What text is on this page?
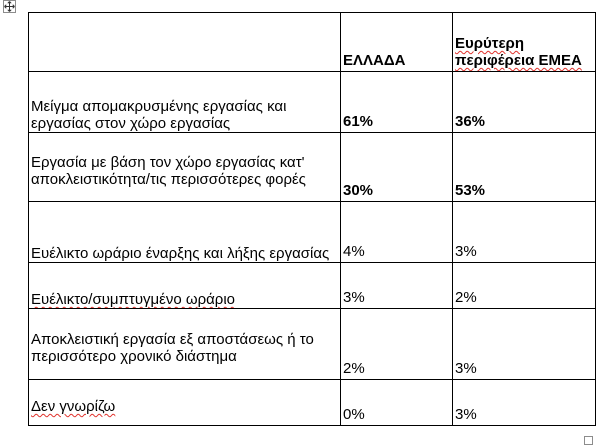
	ΕΛΛΑΔΑ	Ευρύτερη περιφέρεια ΕΜΕΑ

Μείγμα απομακρυσμένης εργασίας και εργασίας στον χώρο εργασίας	61%	36%

Εργασία με βάση τον χώρο εργασίας κατ' αποκλειστικότητα/τις περισσότερες φορές	30%	53%

Ευέλικτο ωράριο έναρξης και λήξης εργασίας	4%	3%

Ευέλικτο/συμπτυγμένο ωράριο	3%	2%

Αποκλειστική εργασία εξ αποστάσεως ή το περισσότερο χρονικό διάστημα	2%	3%

Δεν γνωρίζω	0%	3%
